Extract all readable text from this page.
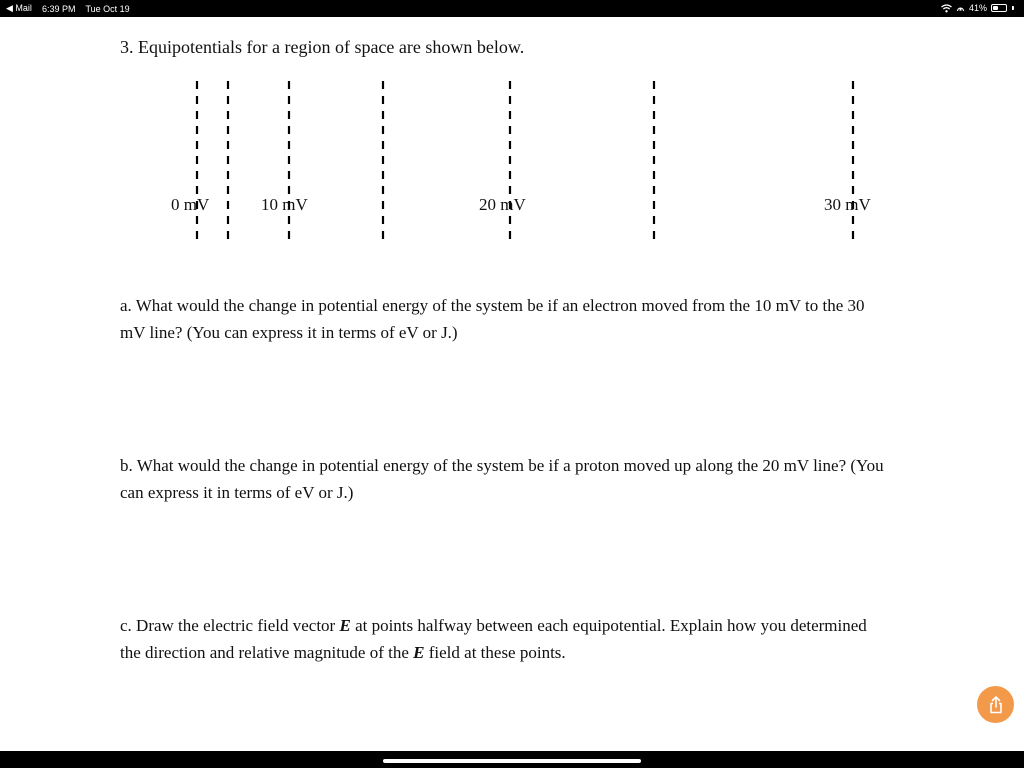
◀ Mail 6:39 PM Tue Oct 19	41%
3. Equipotentials for a region of space are shown below.
0 mV	10 mV	20 mV	30 mV
a. What would the change in potential energy of the system be if an electron moved from the 10 mV to the 30 mV line? (You can express it in terms of eV or J.)
b. What would the change in potential energy of the system be if a proton moved up along the 20 mV line? (You can express it in terms of eV or J.)
c. Draw the electric field vector E at points halfway between each equipotential. Explain how you determined the direction and relative magnitude of the E field at these points.
